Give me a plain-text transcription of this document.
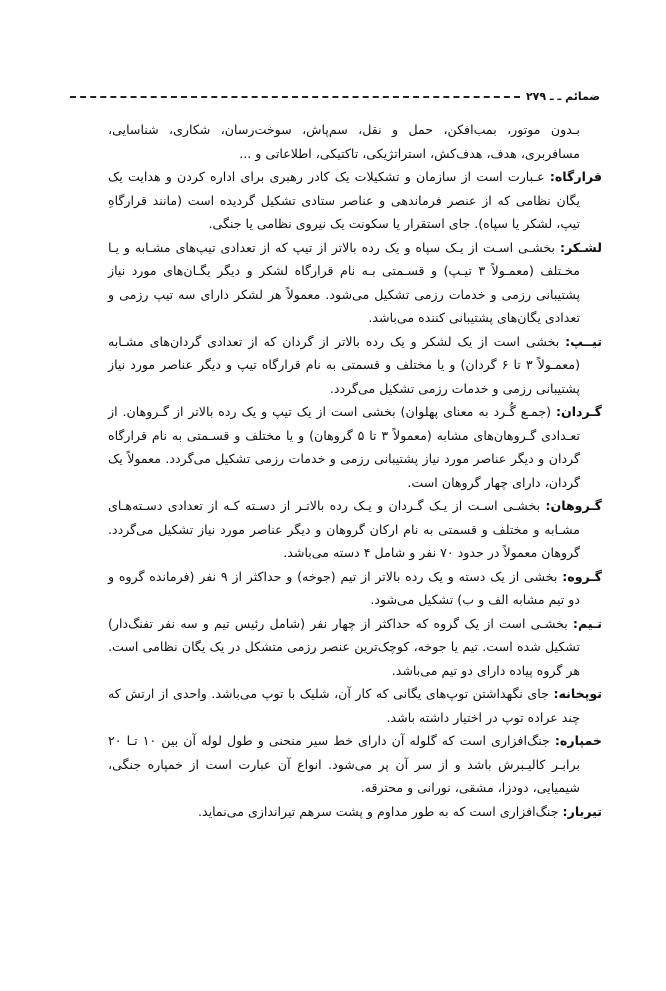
ضمائم ـ ـ ۲۷۹

بـدون موتور، بمب‌افکن، حمل و نقل، سم‌پاش، سوخت‌رسان، شکاری، شناسایی، مسافربری، هدف، هدف‌کش، استراتژیکی، تاکتیکی، اطلاعاتی و ...

قرارگاه: عـبارت است از سازمان و تشکیلات یک کادر رهبری برای اداره کردن و هدایت یک یگان نظامی که از عنصر فرماندهی و عناصر ستادی تشکیل گردیده است (مانند قرارگاهِ تیپ، لشکر یا سپاه). جای استقرار یا سکونت یک نیروی نظامی یا جنگی.

لشـکر: بخشـی اسـت از یـک سپاه و یک رده بالاتر از تیپ که از تعدادی تیپ‌های مشـابه و یـا مخـتلف (معمـولاً ۳ تیـپ) و قسـمتی بـه نام قرارگاه لشکر و دیگر یگـان‌های مورد نیاز پشتیبانی رزمی و خدمات رزمی تشکیل می‌شود. معمولاً هر لشکر دارای سه تیپ رزمی و تعدادی یگان‌های پشتیبانی کننده می‌باشد.

تیــپ: بخشی است از یک لشکر و یک رده بالاتر از گردان که از تعدادی گردان‌های مشـابه (معمـولاً ۳ تا ۶ گردان) و یا مختلف و قسمتی به نام قرارگاه تیپ و دیگر عناصر مورد نیاز پشتیبانی رزمی و خدمات رزمی تشکیل می‌گردد.

گـردان: (جمـع گُـرد به معنای پهلوان) بخشی است از یک تیپ و یک رده بالاتر از گـروهان. از تعـدادی گـروهان‌های مشابه (معمولاً ۳ تا ۵ گروهان) و یا مختلف و قسـمتی به نام قرارگاه گردان و دیگر عناصر مورد نیاز پشتیبانی رزمی و خدمات رزمی تشکیل می‌گردد. معمولاً یک گردان، دارای چهار گروهان است.

گـروهان: بخشـی اسـت از یـک گـردان و یـک رده بالاتـر از دسـته کـه از تعدادی دسـته‌هـای مشـابه و مختلف و قسمتی به نام ارکان گروهان و دیگر عناصر مورد نیاز تشکیل می‌گردد. گروهان معمولاً در حدود ۷۰ نفر و شامل ۴ دسته می‌باشد.

گـروه: بخشی از یک دسته و یک رده بالاتر از تیم (جوخه) و حداکثر از ۹ نفر (فرمانده گروه و دو تیم مشابه الف و ب) تشکیل می‌شود.

تـیم: بخشـی است از یک گروه که حداکثر از چهار نفر (شامل رئیس تیم و سه نفر تفنگ‌دار) تشکیل شده است. تیم یا جوخه، کوچک‌ترین عنصر رزمی متشکل در یک یگان نظامی است. هر گروه پیاده دارای دو تیم می‌باشد.

توپخانه: جای نگهداشتن توپ‌های یگانی که کار آن، شلیک با توپ می‌باشد. واحدی از ارتش که چند عراده توپ در اختیار داشته باشد.

خمپاره: جنگ‌افزاری است که گلوله آن دارای خط سیر منحنی و طول لوله آن بین ۱۰ تـا ۲۰ برابـر کالیـبرش باشد و از سر آن پر می‌شود. انواع آن عبارت است از خمپاره جنگی، شیمیایی، دودزا، مشقی، نورانی و محترقه.

تیربار: جنگ‌افزاری است که به طور مداوم و پشت سرهم تیراندازی می‌نماید.
